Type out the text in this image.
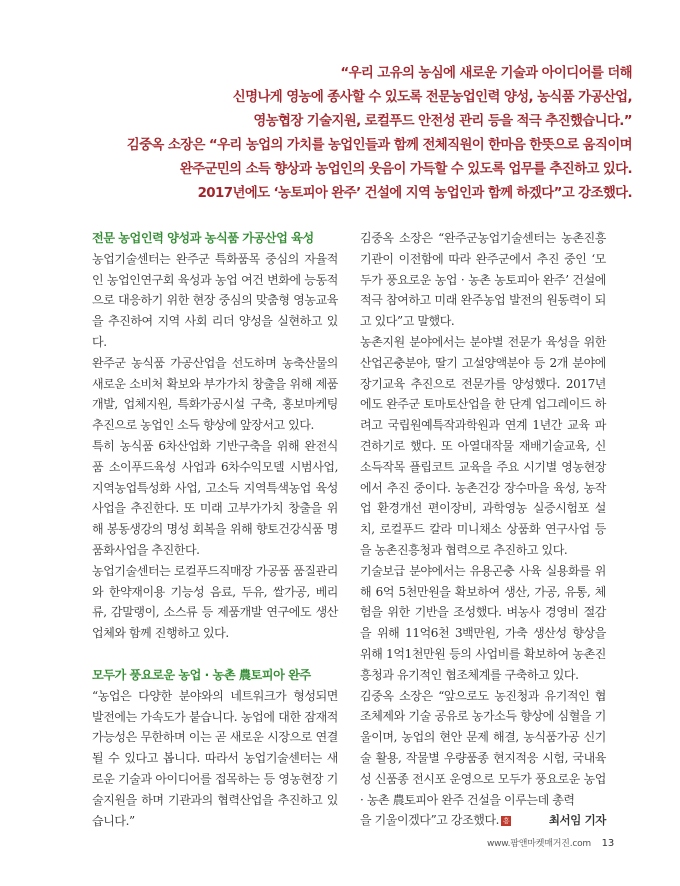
“우리 고유의 농심에 새로운 기술과 아이디어를 더해
신명나게 영농에 종사할 수 있도록 전문농업인력 양성, 농식품 가공산업,
영농협장 기술지원, 로컬푸드 안전성 관리 등을 적극 추진했습니다.”
김중옥 소장은 “우리 농업의 가치를 농업인들과 함께 전체직원이 한마음 한뜻으로 움직이며
완주군민의 소득 향상과 농업인의 웃음이 가득할 수 있도록 업무를 추진하고 있다.
2017년에도 ‘농토피아 완주’ 건설에 지역 농업인과 함께 하겠다”고 강조했다.

전문 농업인력 양성과 농식품 가공산업 육성

농업기술센터는 완주군 특화품목 중심의 자율적인 농업인연구회 육성과 농업 여건 변화에 능동적으로 대응하기 위한 현장 중심의 맞춤형 영농교육을 추진하여 지역 사회 리더 양성을 실현하고 있다.

완주군 농식품 가공산업을 선도하며 농축산물의 새로운 소비처 확보와 부가가치 창출을 위해 제품개발, 업체지원, 특화가공시설 구축, 홍보마케팅 추진으로 농업인 소득 향상에 앞장서고 있다.

특히 농식품 6차산업화 기반구축을 위해 완전식품 소이푸드육성 사업과 6차수익모델 시범사업, 지역농업특성화 사업, 고소득 지역특색농업 육성 사업을 추진한다. 또 미래 고부가가치 창출을 위해 봉동생강의 명성 회복을 위해 향토건강식품 명품화사업을 추진한다.

농업기술센터는 로컬푸드직매장 가공품 품질관리와 한약재이용 기능성 음료, 두유, 쌀가공, 베리류, 감말랭이, 소스류 등 제품개발 연구에도 생산업체와 함께 진행하고 있다.

모두가 풍요로운 농업 · 농촌 農토피아 완주

“농업은 다양한 분야와의 네트워크가 형성되면 발전에는 가속도가 붙습니다. 농업에 대한 잠재적 가능성은 무한하며 이는 곧 새로운 시장으로 연결될 수 있다고 봅니다. 따라서 농업기술센터는 새로운 기술과 아이디어를 접목하는 등 영농현장 기술지원을 하며 기관과의 협력산업을 추진하고 있습니다.”

김중옥 소장은 “완주군농업기술센터는 농촌진흥기관이 이전함에 따라 완주군에서 추진 중인 ‘모두가 풍요로운 농업 · 농촌 농토피아 완주’ 건설에 적극 참여하고 미래 완주농업 발전의 원동력이 되고 있다”고 말했다.

농촌지원 분야에서는 분야별 전문가 육성을 위한 산업곤충분야, 딸기 고설양액분야 등 2개 분야에 장기교육 추진으로 전문가를 양성했다. 2017년에도 완주군 토마토산업을 한 단계 업그레이드 하려고 국립원예특작과학원과 연계 1년간 교육 파견하기로 했다. 또 아열대작물 재배기술교육, 신소득작목 플립코트 교육을 주요 시기별 영농현장에서 추진 중이다. 농촌건강 장수마을 육성, 농작업 환경개선 편이장비, 과학영농 실증시험포 설치, 로컬푸드 칼라 미니채소 상품화 연구사업 등을 농촌진흥청과 협력으로 추진하고 있다.

기술보급 분야에서는 유용곤충 사육 실용화를 위해 6억 5천만원을 확보하여 생산, 가공, 유통, 체험을 위한 기반을 조성했다. 벼농사 경영비 절감을 위해 11억6천 3백만원, 가축 생산성 향상을 위해 1억1천만원 등의 사업비를 확보하여 농촌진흥청과 유기적인 협조체계를 구축하고 있다.

김중옥 소장은 “앞으로도 농진청과 유기적인 협조체제와 기술 공유로 농가소득 향상에 심혈을 기울이며, 농업의 현안 문제 해결, 농식품가공 신기술 활용, 작물별 우량품종 현지적응 시험, 국내육성 신품종 전시포 운영으로 모두가 풍요로운 농업 · 농촌 農토피아 완주 건설을 이루는데 총력

을 기울이겠다”고 강조했다. 흥	최서임 기자

www.팜앤마켓매거진.com 13
